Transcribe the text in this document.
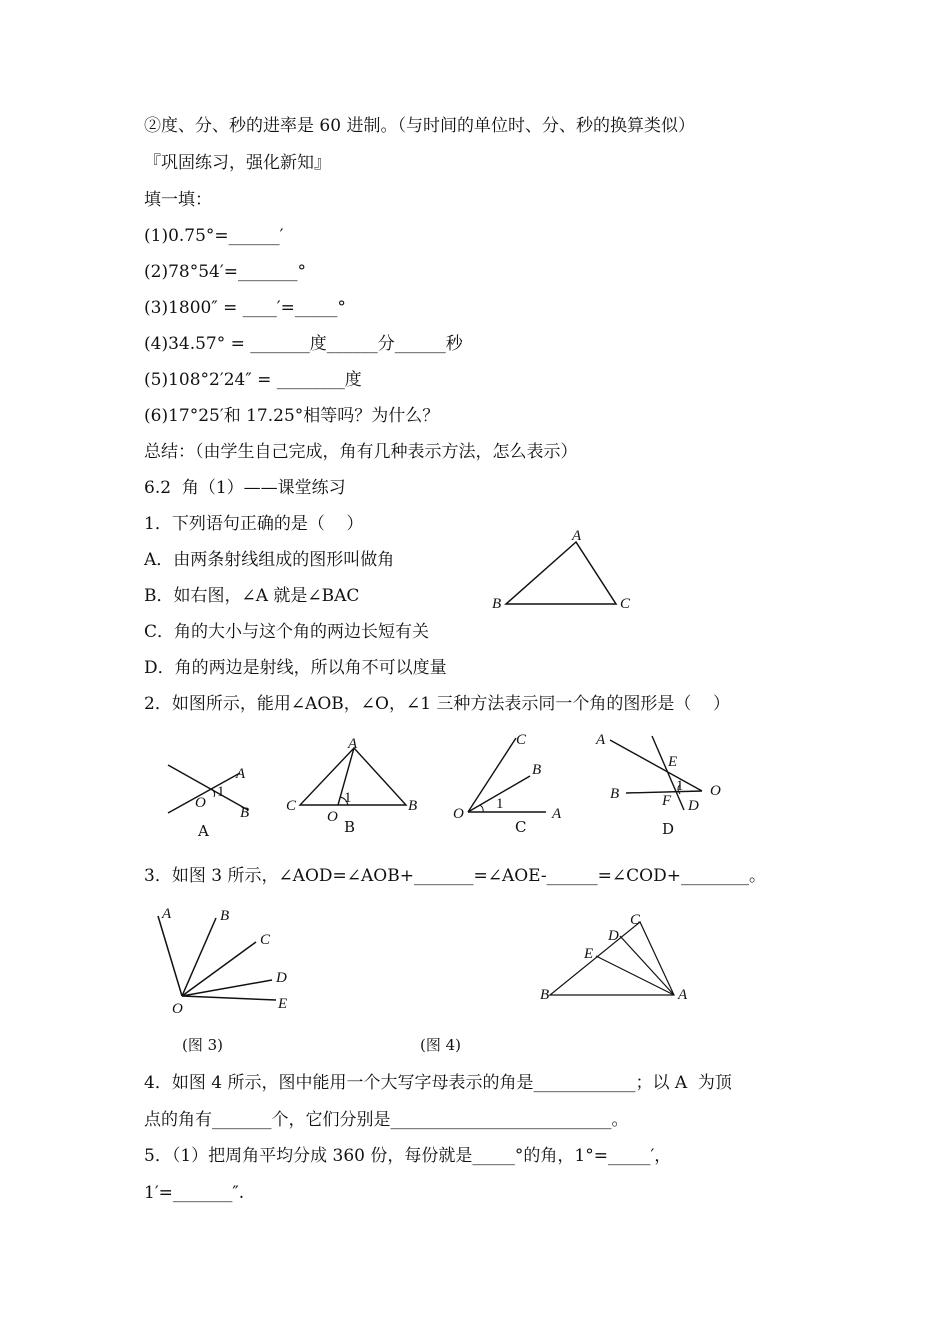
②度、分、秒的进率是 60 进制。（与时间的单位时、分、秒的换算类似）
『巩固练习，强化新知』
填一填：
(1)0.75°=______′
(2)78°54′=_______°
(3)1800″ = ____′=_____°
(4)34.57° = _______度______分______秒
(5)108°2′24″ = ________度
(6)17°25′和 17.25°相等吗？为什么？
总结：（由学生自己完成，角有几种表示方法，怎么表示）
6.2  角（1）——课堂练习
1．下列语句正确的是（    ）
A．由两条射线组成的图形叫做角
B．如右图，∠A 就是∠BAC
C．角的大小与这个角的两边长短有关
D．角的两边是射线，所以角不可以度量
2．如图所示，能用∠AOB，∠O，∠1 三种方法表示同一个角的图形是（    ）
3．如图 3 所示，∠AOD=∠AOB+_______=∠AOE-______=∠COD+________。
4．如图 4 所示，图中能用一个大写字母表示的角是____________；以 A  为顶
点的角有_______个，它们分别是__________________________。
5．（1）把周角平均分成 360 份，每份就是_____°的角，1°=_____′，
1′=_______″.
A
B	C
A
B
O
1
A
A
C
O
B
1
B
C
B
O	A
1
C
A
E
B	F D
O
1
D
A	B
C
D
O	E
(图 3)
C
D
E
B	A
(图 4)
